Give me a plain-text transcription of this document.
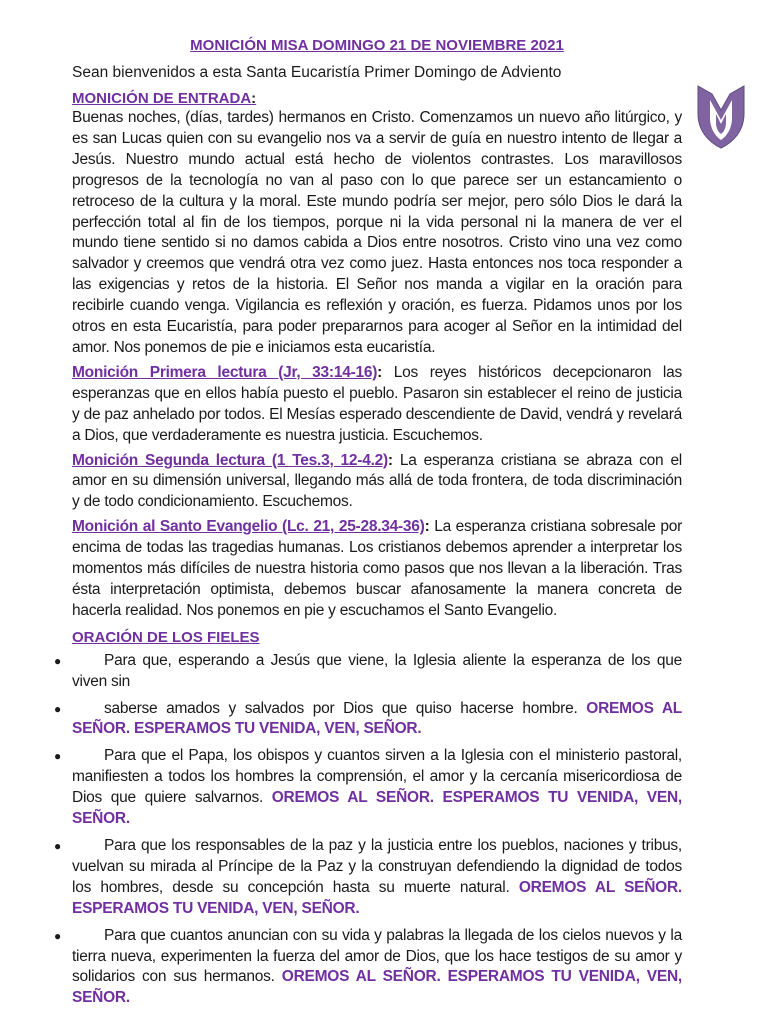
MONICIÓN MISA DOMINGO 21 DE NOVIEMBRE 2021

Sean bienvenidos a esta Santa Eucaristía Primer Domingo de Adviento

MONICIÓN DE ENTRADA:

Buenas noches, (días, tardes) hermanos en Cristo. Comenzamos un nuevo año litúrgico, y es san Lucas quien con su evangelio nos va a servir de guía en nuestro intento de llegar a Jesús. Nuestro mundo actual está hecho de violentos contrastes. Los maravillosos progresos de la tecnología no van al paso con lo que parece ser un estancamiento o retroceso de la cultura y la moral. Este mundo podría ser mejor, pero sólo Dios le dará la perfección total al fin de los tiempos, porque ni la vida personal ni la manera de ver el mundo tiene sentido si no damos cabida a Dios entre nosotros. Cristo vino una vez como salvador y creemos que vendrá otra vez como juez. Hasta entonces nos toca responder a las exigencias y retos de la historia. El Señor nos manda a vigilar en la oración para recibirle cuando venga. Vigilancia es reflexión y oración, es fuerza. Pidamos unos por los otros en esta Eucaristía, para poder prepararnos para acoger al Señor en la intimidad del amor. Nos ponemos de pie e iniciamos esta eucaristía.

Monición Primera lectura (Jr, 33:14-16): Los reyes históricos decepcionaron las esperanzas que en ellos había puesto el pueblo. Pasaron sin establecer el reino de justicia y de paz anhelado por todos. El Mesías esperado descendiente de David, vendrá y revelará a Dios, que verdaderamente es nuestra justicia. Escuchemos.

Monición Segunda lectura (1 Tes.3, 12-4.2): La esperanza cristiana se abraza con el amor en su dimensión universal, llegando más allá de toda frontera, de toda discriminación y de todo condicionamiento. Escuchemos.

Monición al Santo Evangelio (Lc. 21, 25-28.34-36): La esperanza cristiana sobresale por encima de todas las tragedias humanas. Los cristianos debemos aprender a interpretar los momentos más difíciles de nuestra historia como pasos que nos llevan a la liberación. Tras ésta interpretación optimista, debemos buscar afanosamente la manera concreta de hacerla realidad. Nos ponemos en pie y escuchamos el Santo Evangelio.

ORACIÓN DE LOS FIELES

●	Para que, esperando a Jesús que viene, la Iglesia aliente la esperanza de los que viven sin
●	saberse amados y salvados por Dios que quiso hacerse hombre. OREMOS AL SEÑOR. ESPERAMOS TU VENIDA, VEN, SEÑOR.
●	Para que el Papa, los obispos y cuantos sirven a la Iglesia con el ministerio pastoral, manifiesten a todos los hombres la comprensión, el amor y la cercanía misericordiosa de Dios que quiere salvarnos. OREMOS AL SEÑOR. ESPERAMOS TU VENIDA, VEN, SEÑOR.
●	Para que los responsables de la paz y la justicia entre los pueblos, naciones y tribus, vuelvan su mirada al Príncipe de la Paz y la construyan defendiendo la dignidad de todos los hombres, desde su concepción hasta su muerte natural. OREMOS AL SEÑOR. ESPERAMOS TU VENIDA, VEN, SEÑOR.
●	Para que cuantos anuncian con su vida y palabras la llegada de los cielos nuevos y la tierra nueva, experimenten la fuerza del amor de Dios, que los hace testigos de su amor y solidarios con sus hermanos. OREMOS AL SEÑOR. ESPERAMOS TU VENIDA, VEN, SEÑOR.
